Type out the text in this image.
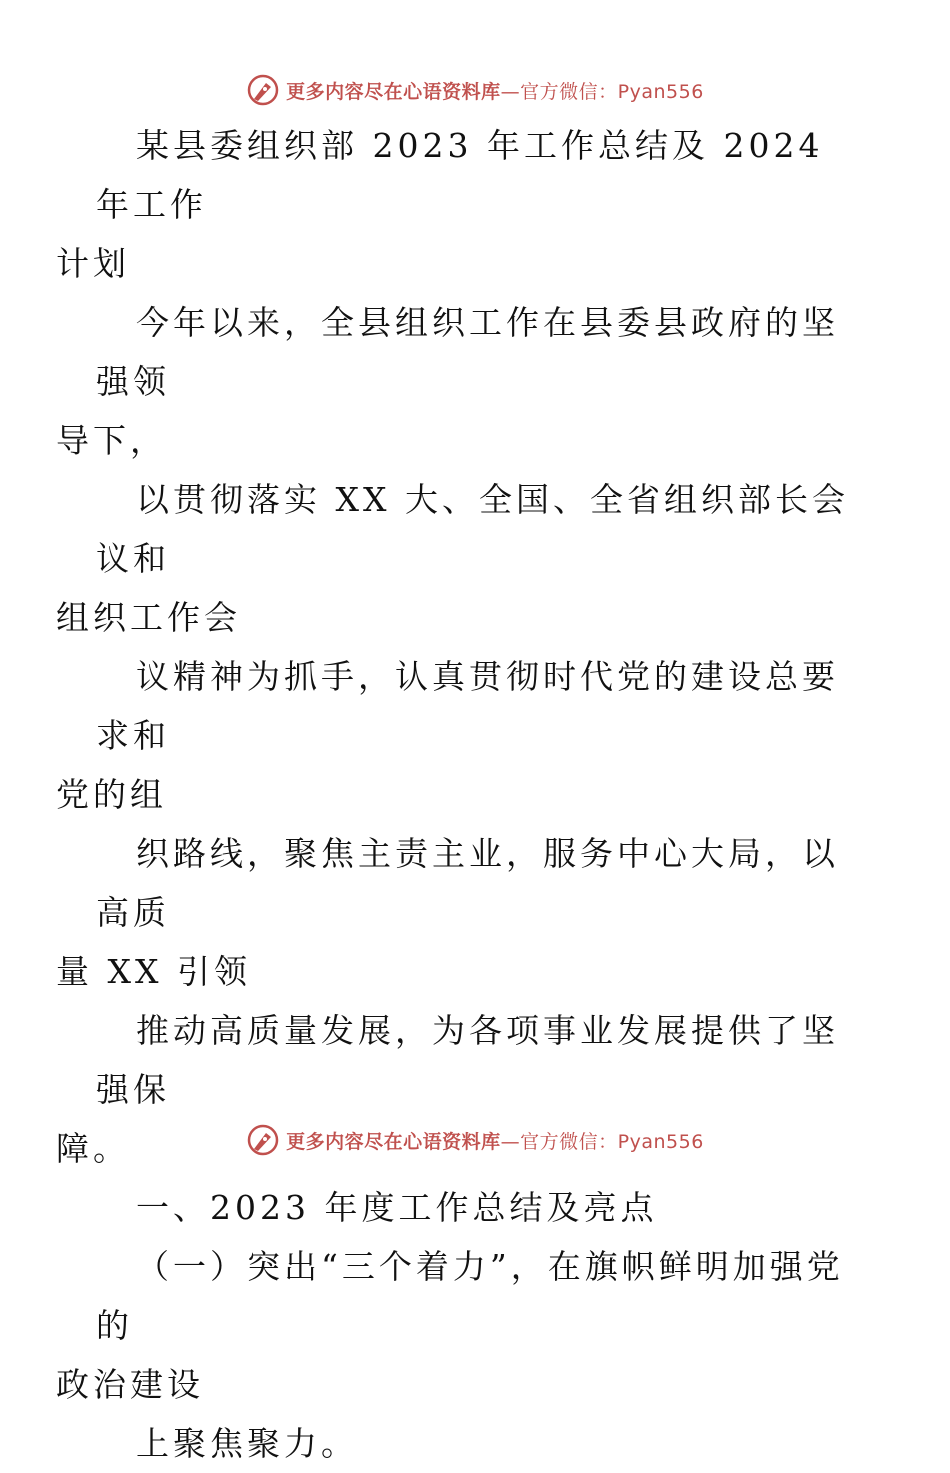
更多内容尽在心语资料库—官方微信：Pyan556

某县委组织部 2023 年工作总结及 2024 年工作
计划

今年以来，全县组织工作在县委县政府的坚强领
导下，

以贯彻落实 XX 大、全国、全省组织部长会议和
组织工作会

议精神为抓手，认真贯彻时代党的建设总要求和
党的组

织路线，聚焦主责主业，服务中心大局，以高质
量 XX 引领

推动高质量发展，为各项事业发展提供了坚强保
障。

一、2023 年度工作总结及亮点

（一）突出“三个着力”，在旗帜鲜明加强党的
政治建设

上聚焦聚力。

更多内容尽在心语资料库—官方微信：Pyan556
